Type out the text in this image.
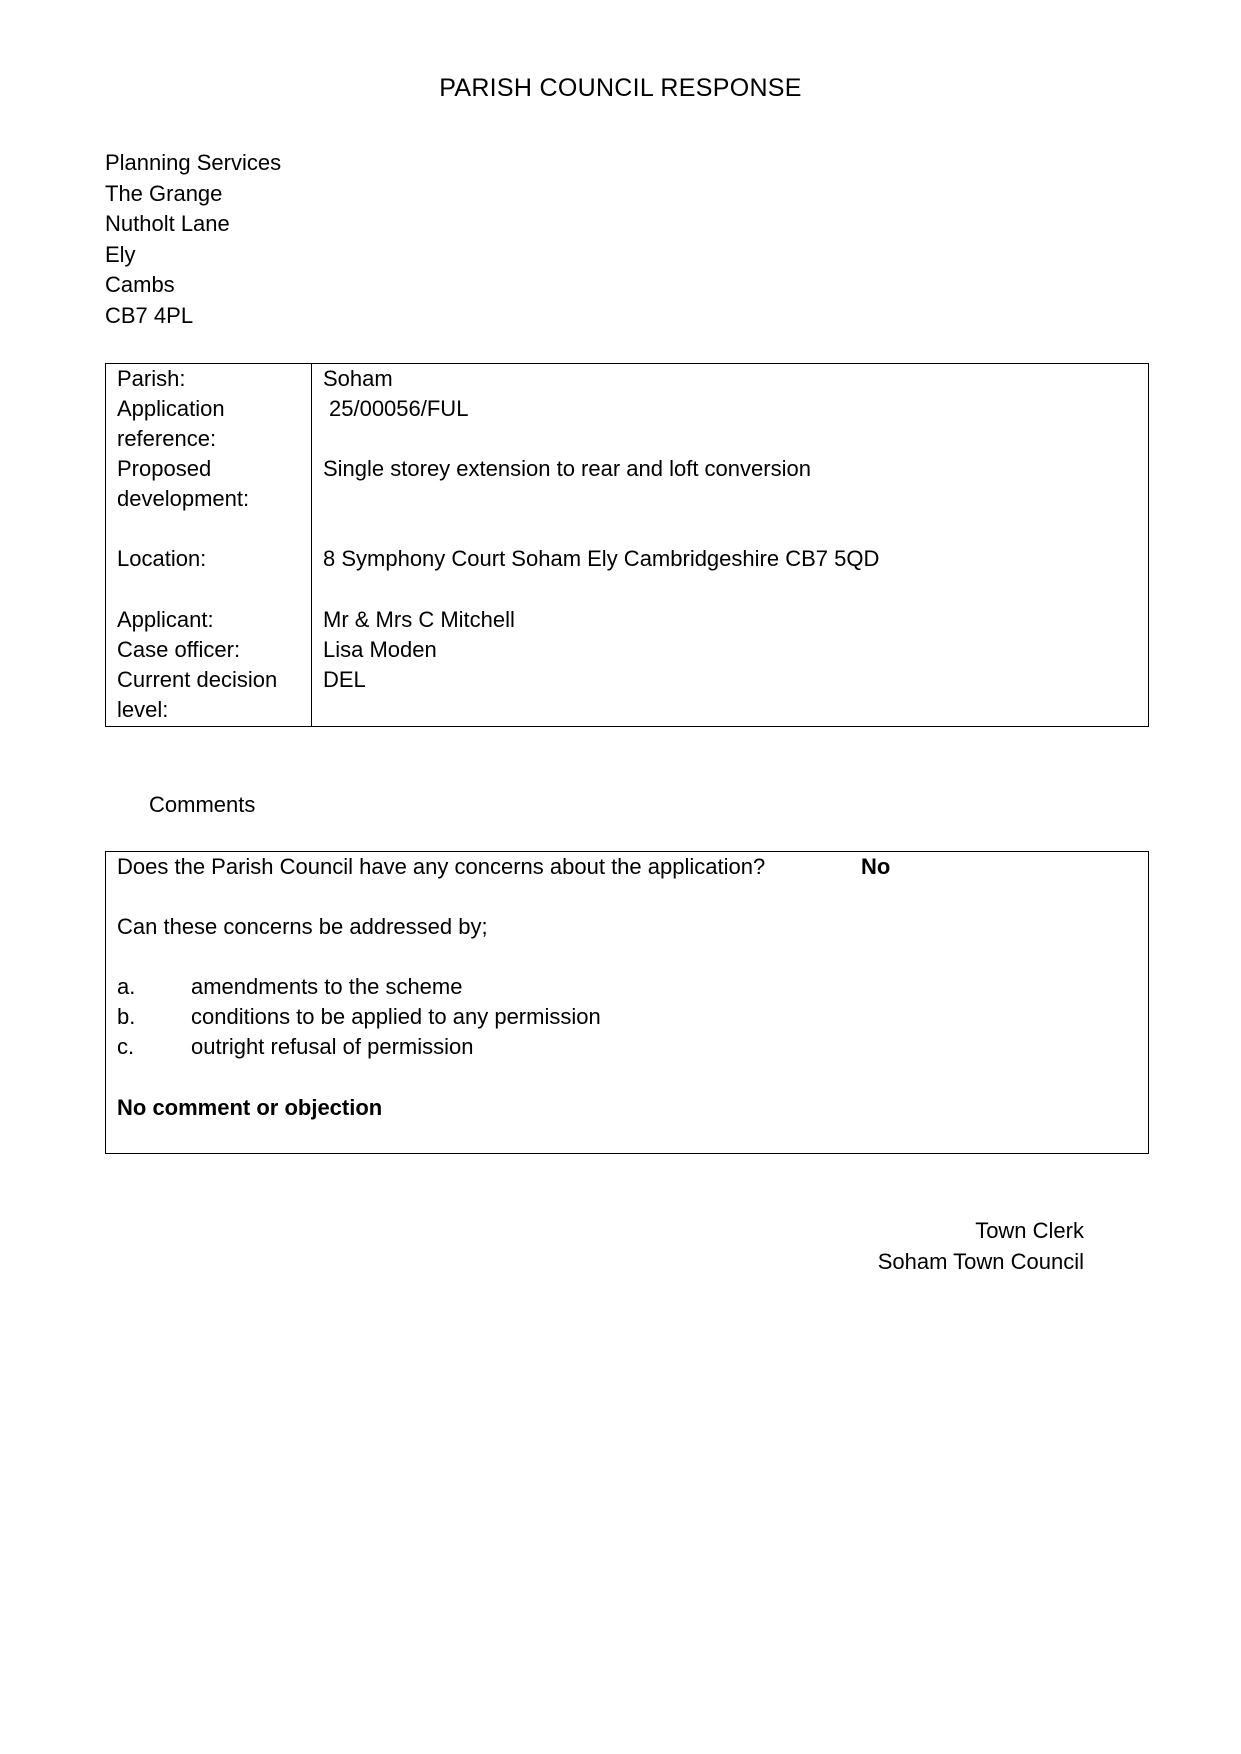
PARISH COUNCIL RESPONSE
Planning Services
The Grange
Nutholt Lane
Ely
Cambs
CB7 4PL
Parish:	Soham
Application
reference:
25/00056/FUL
Proposed
development:
Single storey extension to rear and loft conversion
Location:	8 Symphony Court Soham Ely Cambridgeshire CB7 5QD
Applicant:	Mr & Mrs C Mitchell
Case officer:	Lisa Moden
Current decision
level:
DEL
Comments
Does the Parish Council have any concerns about the application?	No
Can these concerns be addressed by;
a.	amendments to the scheme
b.	conditions to be applied to any permission
c.	outright refusal of permission
No comment or objection
Town Clerk
Soham Town Council
